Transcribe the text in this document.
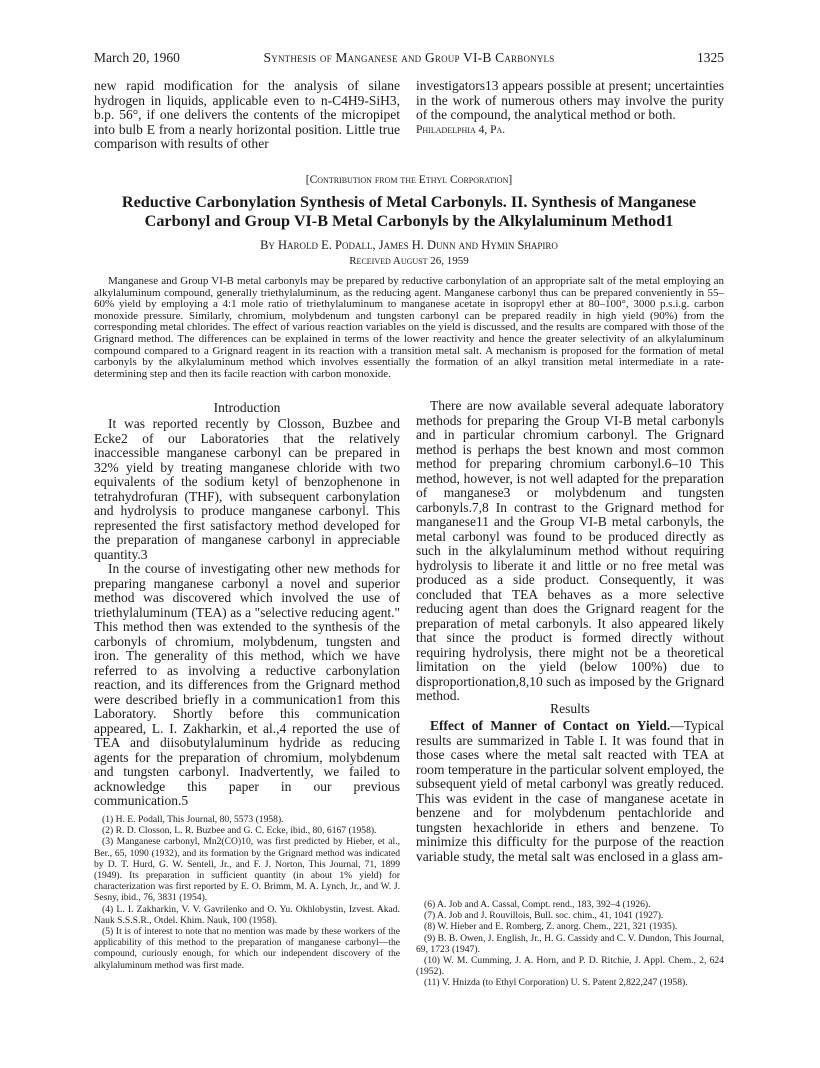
March 20, 1960	Synthesis of Manganese and Group VI-B Carbonyls	1325
new rapid modification for the analysis of silane hydrogen in liquids, applicable even to n-C4H9-SiH3, b.p. 56°, if one delivers the contents of the micropipet into bulb E from a nearly horizontal position. Little true comparison with results of other
investigators13 appears possible at present; uncertainties in the work of numerous others may involve the purity of the compound, the analytical method or both.
Philadelphia 4, Pa.
[Contribution from the Ethyl Corporation]
Reductive Carbonylation Synthesis of Metal Carbonyls. II. Synthesis of Manganese Carbonyl and Group VI-B Metal Carbonyls by the Alkylaluminum Method1
By Harold E. Podall, James H. Dunn and Hymin Shapiro
Received August 26, 1959
Manganese and Group VI-B metal carbonyls may be prepared by reductive carbonylation of an appropriate salt of the metal employing an alkylaluminum compound, generally triethylaluminum, as the reducing agent. Manganese carbonyl thus can be prepared conveniently in 55–60% yield by employing a 4:1 mole ratio of triethylaluminum to manganese acetate in isopropyl ether at 80–100°, 3000 p.s.i.g. carbon monoxide pressure. Similarly, chromium, molybdenum and tungsten carbonyl can be prepared readily in high yield (90%) from the corresponding metal chlorides. The effect of various reaction variables on the yield is discussed, and the results are compared with those of the Grignard method. The differences can be explained in terms of the lower reactivity and hence the greater selectivity of an alkylaluminum compound compared to a Grignard reagent in its reaction with a transition metal salt. A mechanism is proposed for the formation of metal carbonyls by the alkylaluminum method which involves essentially the formation of an alkyl transition metal intermediate in a rate-determining step and then its facile reaction with carbon monoxide.
Introduction

It was reported recently by Closson, Buzbee and Ecke2 of our Laboratories that the relatively inaccessible manganese carbonyl can be prepared in 32% yield by treating manganese chloride with two equivalents of the sodium ketyl of benzophenone in tetrahydrofuran (THF), with subsequent carbonylation and hydrolysis to produce manganese carbonyl. This represented the first satisfactory method developed for the preparation of manganese carbonyl in appreciable quantity.3

In the course of investigating other new methods for preparing manganese carbonyl a novel and superior method was discovered which involved the use of triethylaluminum (TEA) as a "selective reducing agent." This method then was extended to the synthesis of the carbonyls of chromium, molybdenum, tungsten and iron. The generality of this method, which we have referred to as involving a reductive carbonylation reaction, and its differences from the Grignard method were described briefly in a communication1 from this Laboratory. Shortly before this communication appeared, L. I. Zakharkin, et al.,4 reported the use of TEA and diisobutylaluminum hydride as reducing agents for the preparation of chromium, molybdenum and tungsten carbonyl. Inadvertently, we failed to acknowledge this paper in our previous communication.5

(1) H. E. Podall, This Journal, 80, 5573 (1958).

(2) R. D. Closson, L. R. Buzbee and G. C. Ecke, ibid., 80, 6167 (1958).

(3) Manganese carbonyl, Mn2(CO)10, was first predicted by Hieber, et al., Ber., 65, 1090 (1932), and its formation by the Grignard method was indicated by D. T. Hurd, G. W. Sentell, Jr., and F. J. Norton, This Journal, 71, 1899 (1949). Its preparation in sufficient quantity (in about 1% yield) for characterization was first reported by E. O. Brimm, M. A. Lynch, Jr., and W. J. Sesny, ibid., 76, 3831 (1954).

(4) L. I. Zakharkin, V. V. Gavrilenko and O. Yu. Okhlobystin, Izvest. Akad. Nauk S.S.S.R., Otdel. Khim. Nauk, 100 (1958).

(5) It is of interest to note that no mention was made by these workers of the applicability of this method to the preparation of manganese carbonyl—the compound, curiously enough, for which our independent discovery of the alkylaluminum method was first made.

There are now available several adequate laboratory methods for preparing the Group VI-B metal carbonyls and in particular chromium carbonyl. The Grignard method is perhaps the best known and most common method for preparing chromium carbonyl.6–10 This method, however, is not well adapted for the preparation of manganese3 or molybdenum and tungsten carbonyls.7,8 In contrast to the Grignard method for manganese11 and the Group VI-B metal carbonyls, the metal carbonyl was found to be produced directly as such in the alkylaluminum method without requiring hydrolysis to liberate it and little or no free metal was produced as a side product. Consequently, it was concluded that TEA behaves as a more selective reducing agent than does the Grignard reagent for the preparation of metal carbonyls. It also appeared likely that since the product is formed directly without requiring hydrolysis, there might not be a theoretical limitation on the yield (below 100%) due to disproportionation,8,10 such as imposed by the Grignard method.

Results

Effect of Manner of Contact on Yield.—Typical results are summarized in Table I. It was found that in those cases where the metal salt reacted with TEA at room temperature in the particular solvent employed, the subsequent yield of metal carbonyl was greatly reduced. This was evident in the case of manganese acetate in benzene and for molybdenum pentachloride and tungsten hexachloride in ethers and benzene. To minimize this difficulty for the purpose of the reaction variable study, the metal salt was enclosed in a glass am-

(6) A. Job and A. Cassal, Compt. rend., 183, 392–4 (1926).

(7) A. Job and J. Rouvillois, Bull. soc. chim., 41, 1041 (1927).

(8) W. Hieber and E. Romberg, Z. anorg. Chem., 221, 321 (1935).

(9) B. B. Owen, J. English, Jr., H. G. Cassidy and C. V. Dundon, This Journal, 69, 1723 (1947).

(10) W. M. Cumming, J. A. Horn, and P. D. Ritchie, J. Appl. Chem., 2, 624 (1952).

(11) V. Hnizda (to Ethyl Corporation) U. S. Patent 2,822,247 (1958).
